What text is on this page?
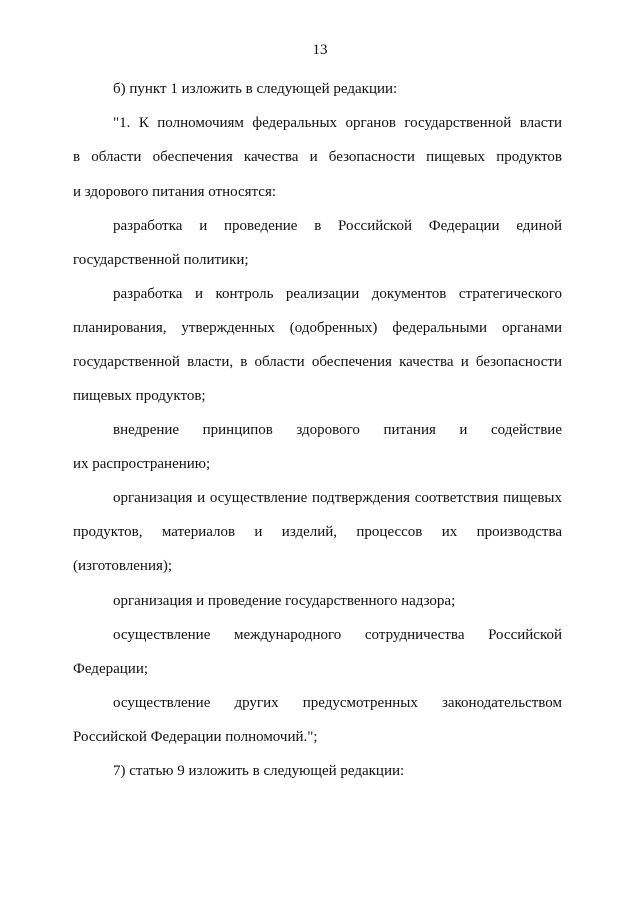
13

б) пункт 1 изложить в следующей редакции:

"1. К полномочиям федеральных органов государственной власти

в области обеспечения качества и безопасности пищевых продуктов

и здорового питания относятся:

разработка и проведение в Российской Федерации единой

государственной политики;

разработка и контроль реализации документов стратегического

планирования, утвержденных (одобренных) федеральными органами

государственной власти, в области обеспечения качества и безопасности

пищевых продуктов;

внедрение принципов здорового питания и содействие

их распространению;

организация и осуществление подтверждения соответствия пищевых

продуктов, материалов и изделий, процессов их производства

(изготовления);

организация и проведение государственного надзора;

осуществление международного сотрудничества Российской

Федерации;

осуществление других предусмотренных законодательством

Российской Федерации полномочий.";

7) статью 9 изложить в следующей редакции:
